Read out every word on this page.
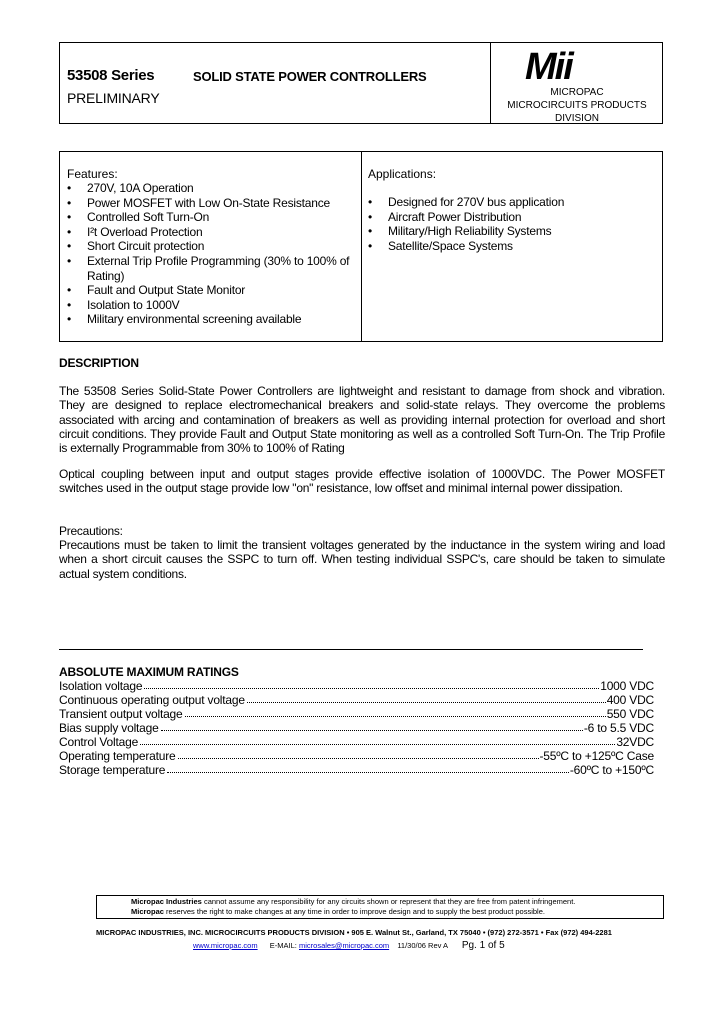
53508 Series	SOLID STATE POWER CONTROLLERS
PRELIMINARY
Mii
MICROPAC
MICROCIRCUITS PRODUCTS
DIVISION
Features:
• 270V, 10A Operation
• Power MOSFET with Low On-State Resistance
• Controlled Soft Turn-On
• I²t Overload Protection
• Short Circuit protection
• External Trip Profile Programming (30% to 100% of Rating)
• Fault and Output State Monitor
• Isolation to 1000V
• Military environmental screening available
Applications:
• Designed for 270V bus application
• Aircraft Power Distribution
• Military/High Reliability Systems
• Satellite/Space Systems
DESCRIPTION
The 53508 Series Solid-State Power Controllers are lightweight and resistant to damage from shock and vibration. They are designed to replace electromechanical breakers and solid-state relays. They overcome the problems associated with arcing and contamination of breakers as well as providing internal protection for overload and short circuit conditions. They provide Fault and Output State monitoring as well as a controlled Soft Turn-On. The Trip Profile is externally Programmable from 30% to 100% of Rating
Optical coupling between input and output stages provide effective isolation of 1000VDC. The Power MOSFET switches used in the output stage provide low "on" resistance, low offset and minimal internal power dissipation.
Precautions:
Precautions must be taken to limit the transient voltages generated by the inductance in the system wiring and load when a short circuit causes the SSPC to turn off. When testing individual SSPC's, care should be taken to simulate actual system conditions.
ABSOLUTE MAXIMUM RATINGS
Isolation voltage	1000 VDC
Continuous operating output voltage	400 VDC
Transient output voltage	550 VDC
Bias supply voltage	-6 to 5.5 VDC
Control Voltage	32VDC
Operating temperature	-55ºC to +125ºC Case
Storage temperature	-60ºC to +150ºC
Micropac Industries cannot assume any responsibility for any circuits shown or represent that they are free from patent infringement.
Micropac reserves the right to make changes at any time in order to improve design and to supply the best product possible.
MICROPAC INDUSTRIES, INC. MICROCIRCUITS PRODUCTS DIVISION • 905 E. Walnut St., Garland, TX 75040 • (972) 272-3571 • Fax (972) 494-2281
www.micropac.com E-MAIL: microsales@micropac.com 11/30/06 Rev A Pg. 1 of 5
